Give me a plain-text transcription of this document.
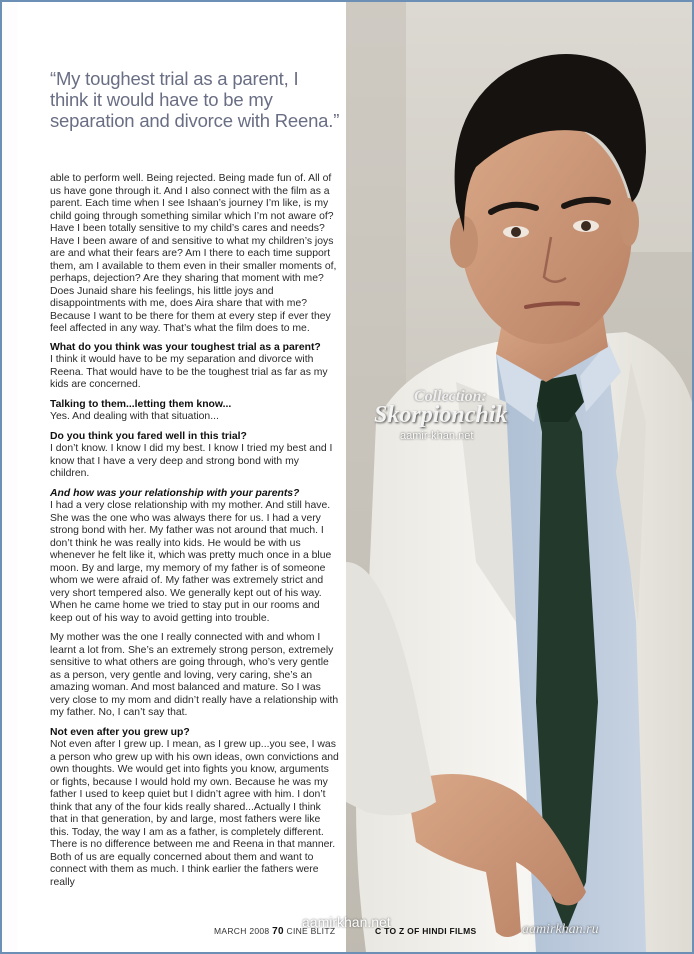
“My toughest trial as a parent, I think it would have to be my separation and divorce with Reena.”

able to perform well. Being rejected. Being made fun of. All of us have gone through it. And I also connect with the film as a parent. Each time when I see Ishaan’s journey I’m like, is my child going through something similar which I’m not aware of? Have I been totally sensitive to my child’s cares and needs? Have I been aware of and sensitive to what my children’s joys are and what their fears are? Am I there to each time support them, am I available to them even in their smaller moments of, perhaps, dejection? Are they sharing that moment with me? Does Junaid share his feelings, his little joys and disappointments with me, does Aira share that with me? Because I want to be there for them at every step if ever they feel affected in any way. That’s what the film does to me.

What do you think was your toughest trial as a parent?

I think it would have to be my separation and divorce with Reena. That would have to be the toughest trial as far as my kids are concerned.

Talking to them...letting them know...

Yes. And dealing with that situation...

Do you think you fared well in this trial?

I don’t know. I know I did my best. I know I tried my best and I know that I have a very deep and strong bond with my children.

And how was your relationship with your parents?

I had a very close relationship with my mother. And still have. She was the one who was always there for us. I had a very strong bond with her. My father was not around that much. I don’t think he was really into kids. He would be with us whenever he felt like it, which was pretty much once in a blue moon. By and large, my memory of my father is of someone whom we were afraid of. My father was extremely strict and very short tempered also. We generally kept out of his way. When he came home we tried to stay put in our rooms and keep out of his way to avoid getting into trouble.

My mother was the one I really connected with and whom I learnt a lot from. She’s an extremely strong person, extremely sensitive to what others are going through, who’s very gentle as a person, very gentle and loving, very caring, she’s an amazing woman. And most balanced and mature. So I was very close to my mom and didn’t really have a relationship with my father. No, I can’t say that.

Not even after you grew up?

Not even after I grew up. I mean, as I grew up...you see, I was a person who grew up with his own ideas, own convictions and own thoughts. We would get into fights you know, arguments or fights, because I would hold my own. Because he was my father I used to keep quiet but I didn’t agree with him. I don’t think that any of the four kids really shared...Actually I think that in that generation, by and large, most fathers were like this. Today, the way I am as a father, is completely different. There is no difference between me and Reena in that manner. Both of us are equally concerned about them and want to connect with them as much. I think earlier the fathers were really

Collection:
Skorpionchik
aamir-khan.net
MARCH 2008 70 CINE BLITZ	C TO Z OF HINDI FILMS
aamirkhan.net	aamirkhan.ru
